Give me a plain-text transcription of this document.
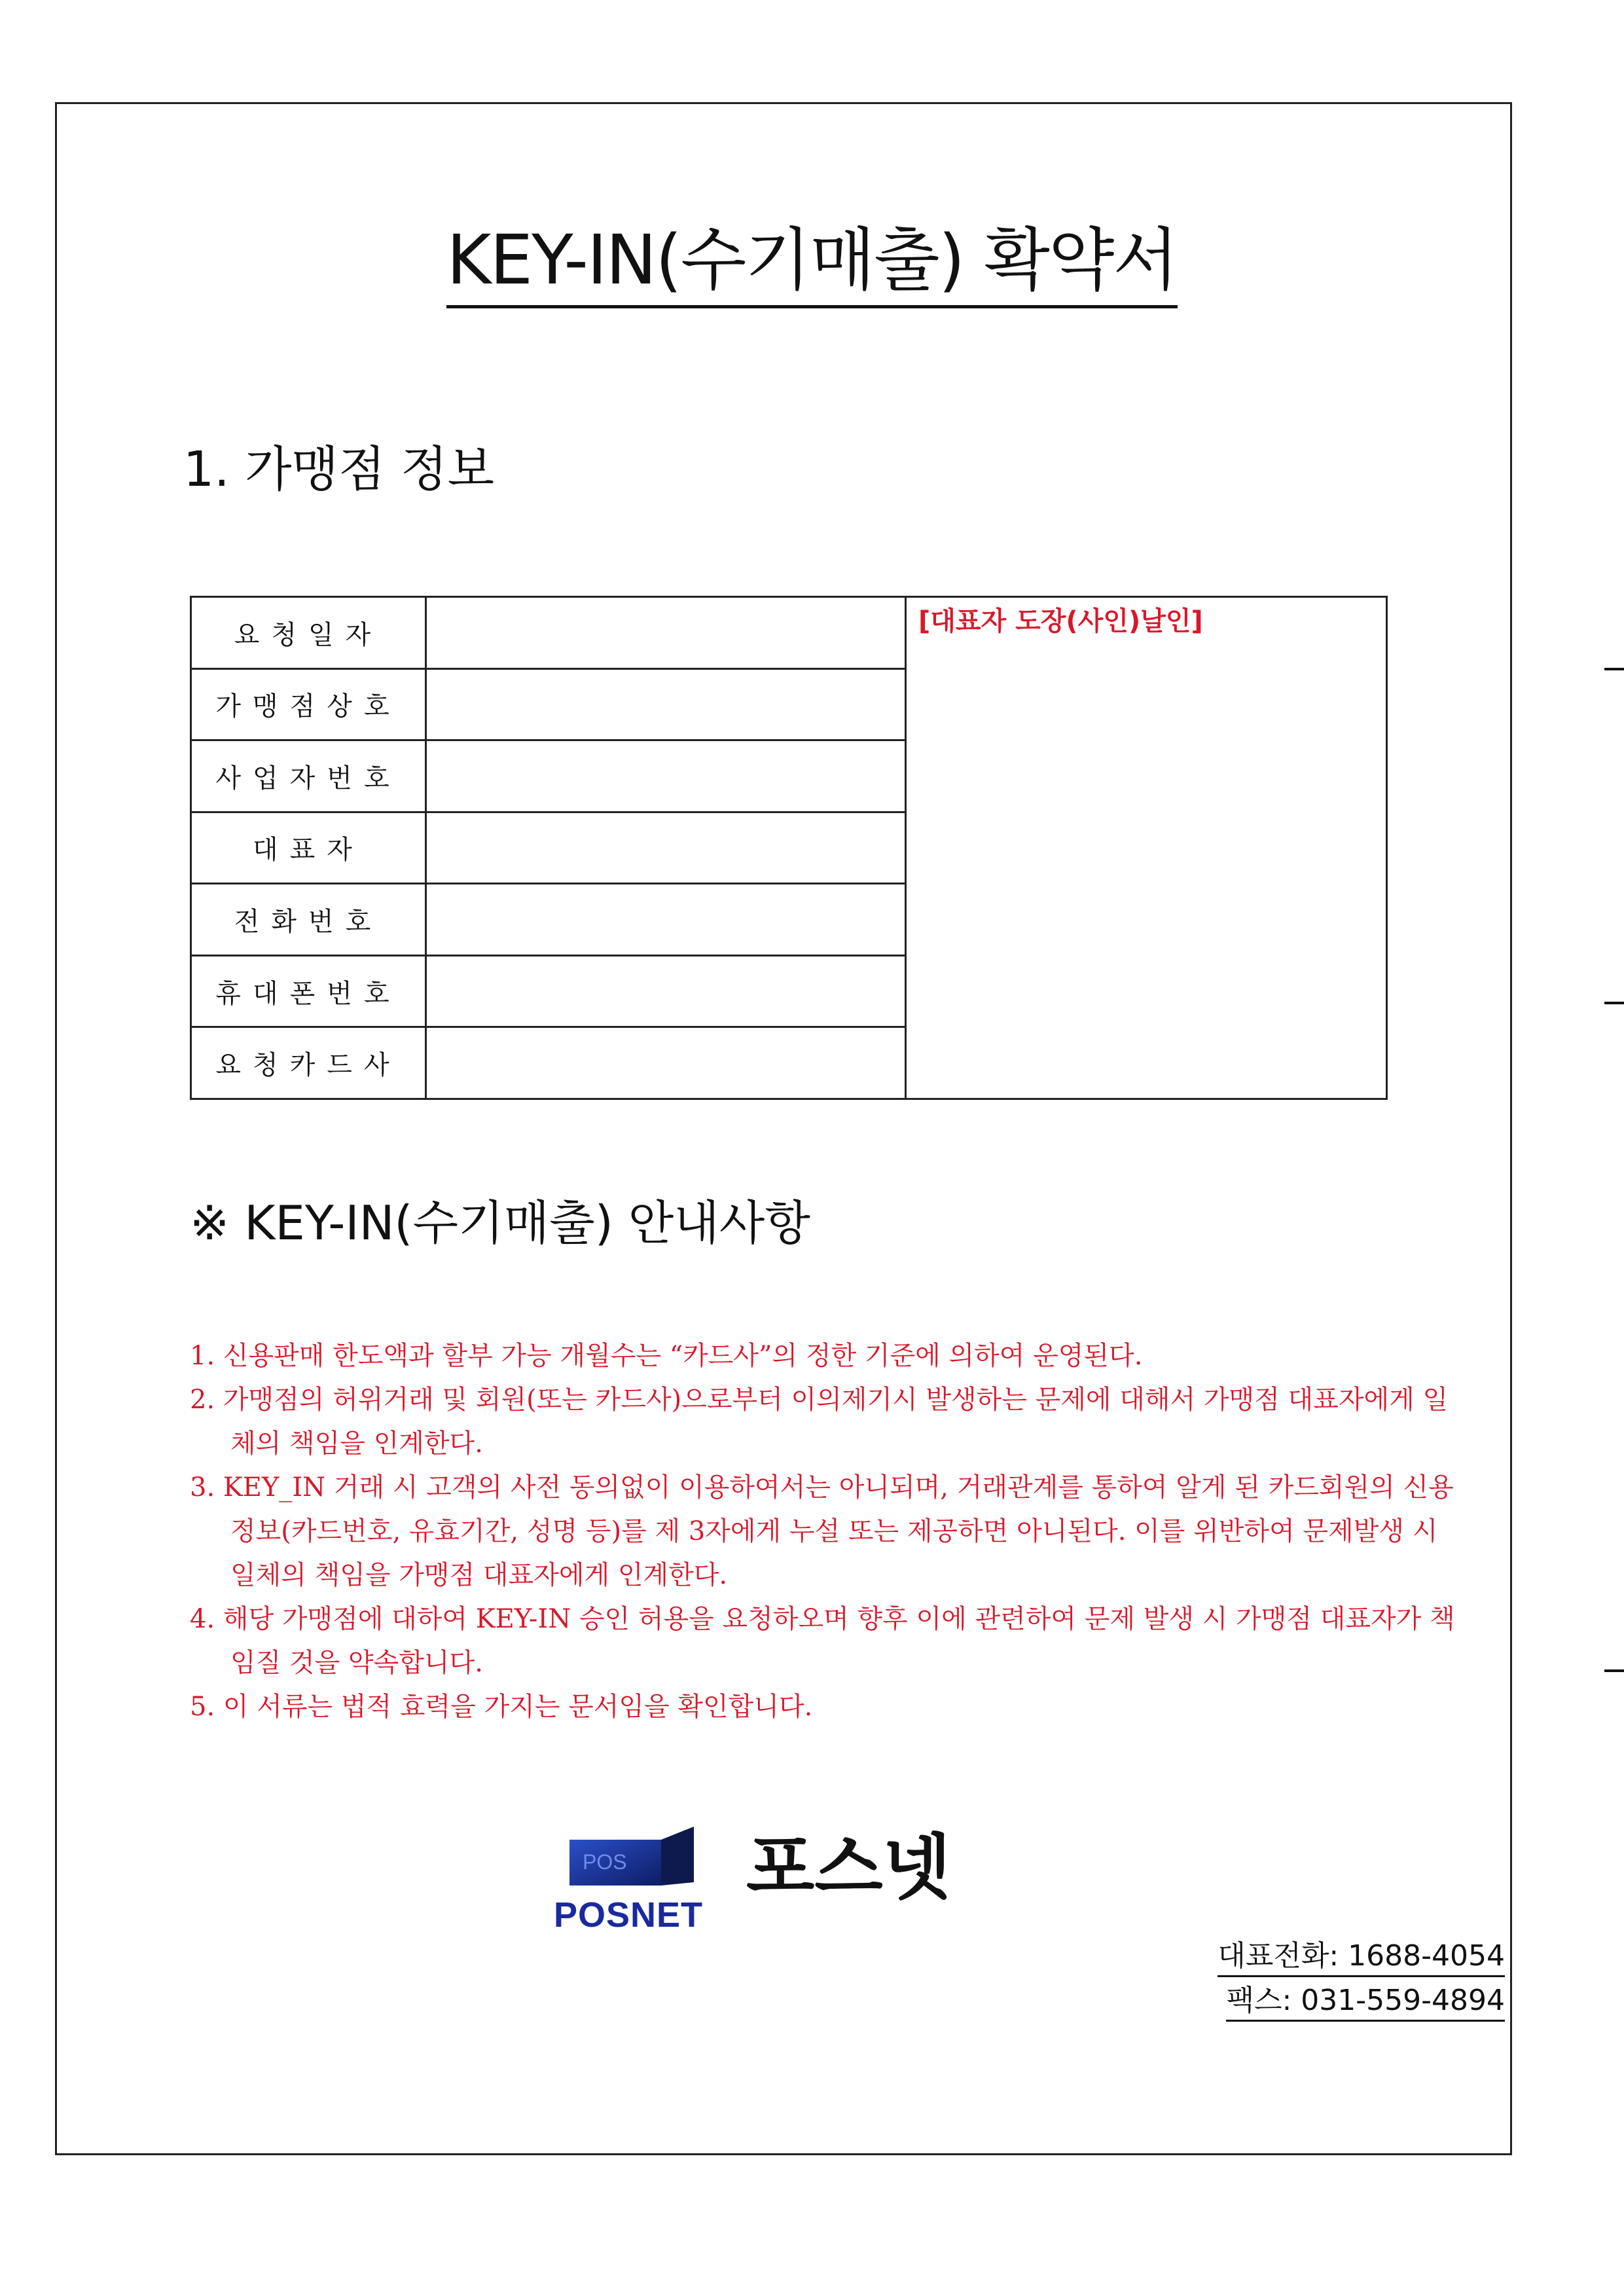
KEY-IN(수기매출) 확약서
1. 가맹점 정보
요청일자		[대표자 도장(사인)날인]
가맹점상호		
사업자번호		
대표자		
전화번호		
휴대폰번호		
요청카드사		
※ KEY-IN(수기매출) 안내사항
1. 신용판매 한도액과 할부 가능 개월수는 “카드사”의 정한 기준에 의하여 운영된다.
2. 가맹점의 허위거래 및 회원(또는 카드사)으로부터 이의제기시 발생하는 문제에 대해서 가맹점 대표자에게 일체의 책임을 인계한다.
3. KEY_IN 거래 시 고객의 사전 동의없이 이용하여서는 아니되며, 거래관계를 통하여 알게 된 카드회원의 신용정보(카드번호, 유효기간, 성명 등)를 제 3자에게 누설 또는 제공하면 아니된다. 이를 위반하여 문제발생 시 일체의 책임을 가맹점 대표자에게 인계한다.
4. 해당 가맹점에 대하여 KEY-IN 승인 허용을 요청하오며 향후 이에 관련하여 문제 발생 시 가맹점 대표자가 책임질 것을 약속합니다.
5. 이 서류는 법적 효력을 가지는 문서임을 확인합니다.
POS
POSNET
포스넷
대표전화: 1688-4054
팩스: 031-559-4894
